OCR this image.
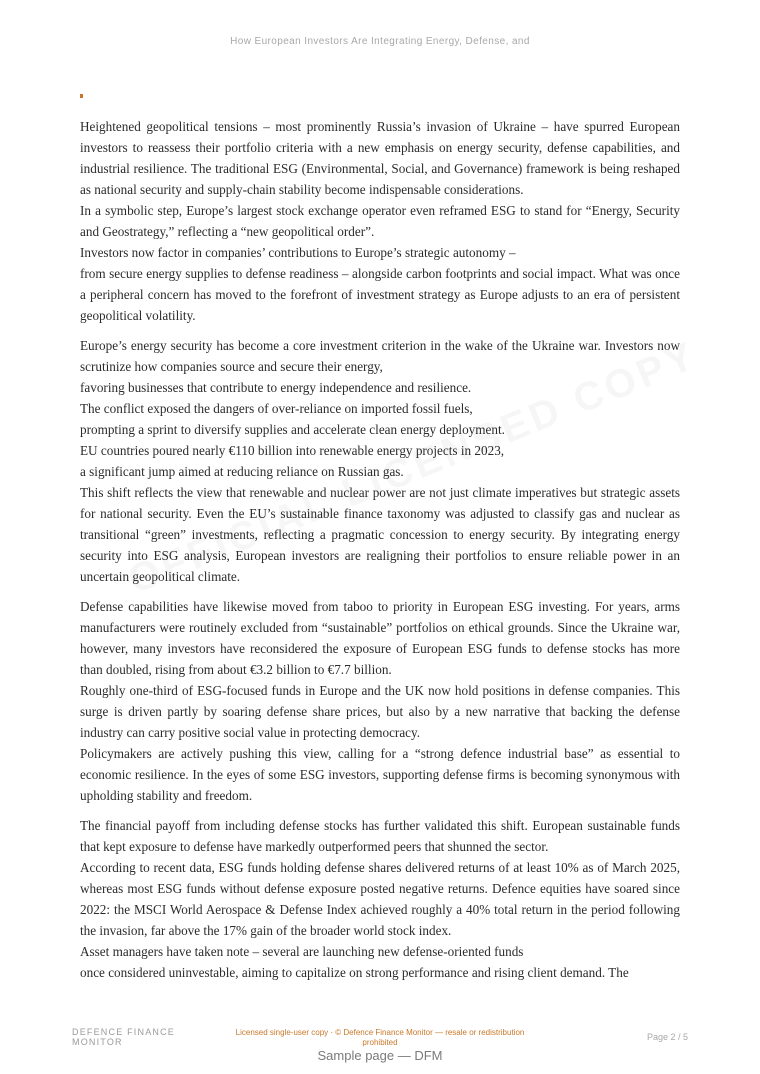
How European Investors Are Integrating Energy, Defense, and

Heightened geopolitical tensions – most prominently Russia’s invasion of Ukraine – have spurred European investors to reassess their portfolio criteria with a new emphasis on energy security, defense capabilities, and industrial resilience. The traditional ESG (Environmental, Social, and Governance) framework is being reshaped as national security and supply-chain stability become indispensable considerations.

In a symbolic step, Europe’s largest stock exchange operator even reframed ESG to stand for “Energy, Security and Geostrategy,” reflecting a “new geopolitical order”.

Investors now factor in companies’ contributions to Europe’s strategic autonomy –

from secure energy supplies to defense readiness – alongside carbon footprints and social impact. What was once a peripheral concern has moved to the forefront of investment strategy as Europe adjusts to an era of persistent geopolitical volatility.

Europe’s energy security has become a core investment criterion in the wake of the Ukraine war. Investors now scrutinize how companies source and secure their energy,

favoring businesses that contribute to energy independence and resilience.

The conflict exposed the dangers of over-reliance on imported fossil fuels,

prompting a sprint to diversify supplies and accelerate clean energy deployment.

EU countries poured nearly €110 billion into renewable energy projects in 2023,

a significant jump aimed at reducing reliance on Russian gas.

This shift reflects the view that renewable and nuclear power are not just climate imperatives but strategic assets for national security. Even the EU’s sustainable finance taxonomy was adjusted to classify gas and nuclear as transitional “green” investments, reflecting a pragmatic concession to energy security. By integrating energy security into ESG analysis, European investors are realigning their portfolios to ensure reliable power in an uncertain geopolitical climate.

Defense capabilities have likewise moved from taboo to priority in European ESG investing. For years, arms manufacturers were routinely excluded from “sustainable” portfolios on ethical grounds. Since the Ukraine war, however, many investors have reconsidered the exposure of European ESG funds to defense stocks has more than doubled, rising from about €3.2 billion to €7.7 billion.

Roughly one-third of ESG-focused funds in Europe and the UK now hold positions in defense companies. This surge is driven partly by soaring defense share prices, but also by a new narrative that backing the defense industry can carry positive social value in protecting democracy.

Policymakers are actively pushing this view, calling for a “strong defence industrial base” as essential to economic resilience. In the eyes of some ESG investors, supporting defense firms is becoming synonymous with upholding stability and freedom.

The financial payoff from including defense stocks has further validated this shift. European sustainable funds that kept exposure to defense have markedly outperformed peers that shunned the sector.

According to recent data, ESG funds holding defense shares delivered returns of at least 10% as of March 2025, whereas most ESG funds without defense exposure posted negative returns. Defence equities have soared since 2022: the MSCI World Aerospace & Defense Index achieved roughly a 40% total return in the period following the invasion, far above the 17% gain of the broader world stock index.

Asset managers have taken note – several are launching new defense-oriented funds

once considered uninvestable, aiming to capitalize on strong performance and rising client demand. The

DEFENCE FINANCE
MONITOR
Licensed single-user copy · © Defence Finance Monitor — resale or redistribution prohibited
Page 2 / 5
Sample page — DFM
